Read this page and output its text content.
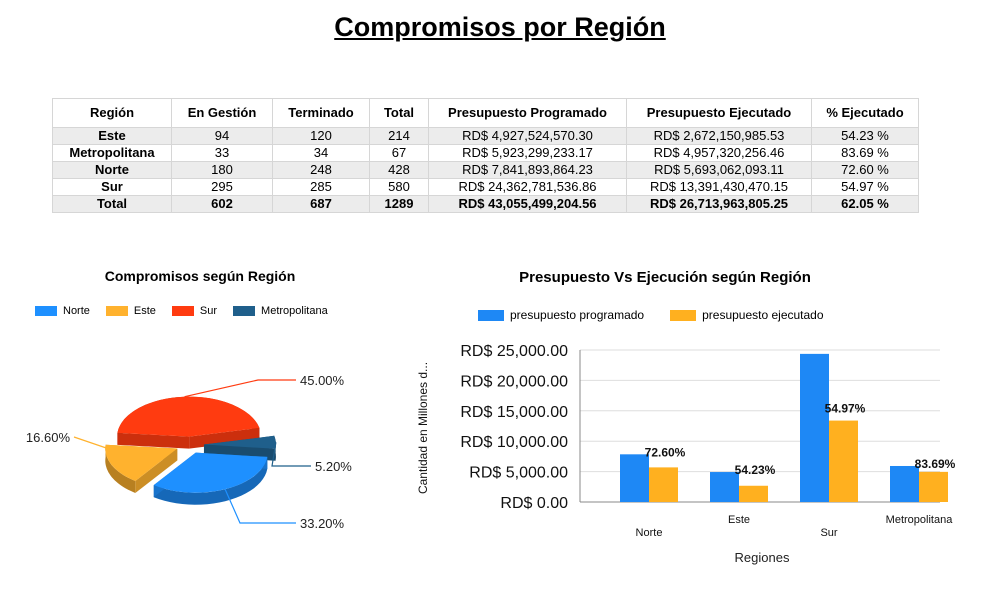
Compromisos por Región
Región	En Gestión	Terminado	Total	Presupuesto Programado	Presupuesto Ejecutado	% Ejecutado
Este	94	120	214	RD$ 4,927,524,570.30	RD$ 2,672,150,985.53	54.23 %
Metropolitana	33	34	67	RD$ 5,923,299,233.17	RD$ 4,957,320,256.46	83.69 %
Norte	180	248	428	RD$ 7,841,893,864.23	RD$ 5,693,062,093.11	72.60 %
Sur	295	285	580	RD$ 24,362,781,536.86	RD$ 13,391,430,470.15	54.97 %
Total	602	687	1289	RD$ 43,055,499,204.56	RD$ 26,713,963,805.25	62.05 %
Compromisos según Región
Norte	Este	Sur	Metropolitana
Presupuesto Vs Ejecución según Región
presupuesto programado	presupuesto ejecutado
45.00%
5.20%
33.20%
16.60%
RD$ 0.00
RD$ 5,000.00
RD$ 10,000.00
RD$ 15,000.00
RD$ 20,000.00
RD$ 25,000.00
Cantidad en Millones d...
Regiones
Norte
72.60%
Este
54.23%
Sur
54.97%
Metropolitana
83.69%
